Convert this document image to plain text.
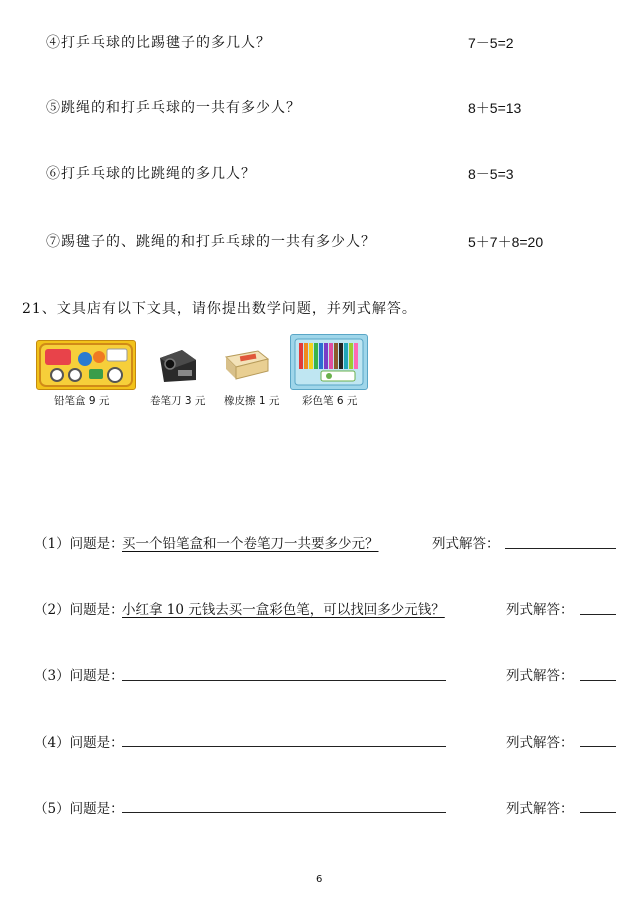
④打乒乓球的比踢毽子的多几人？	7－5=2
⑤跳绳的和打乒乓球的一共有多少人？	8＋5=13
⑥打乒乓球的比跳绳的多几人？	8－5=3
⑦踢毽子的、跳绳的和打乒乓球的一共有多少人？	5＋7＋8=20
21、文具店有以下文具，请你提出数学问题，并列式解答。
铅笔盒 9 元	卷笔刀 3 元 橡皮擦 1 元 彩色笔 6 元
（1）问题是：
买一个铅笔盒和一个卷笔刀一共要多少元？	列式解答：
（2）问题是：
小红拿 10 元钱去买一盒彩色笔，可以找回多少元钱？	列式解答：
（3）问题是：	列式解答：
（4）问题是：	列式解答：
（5）问题是：	列式解答：
6
